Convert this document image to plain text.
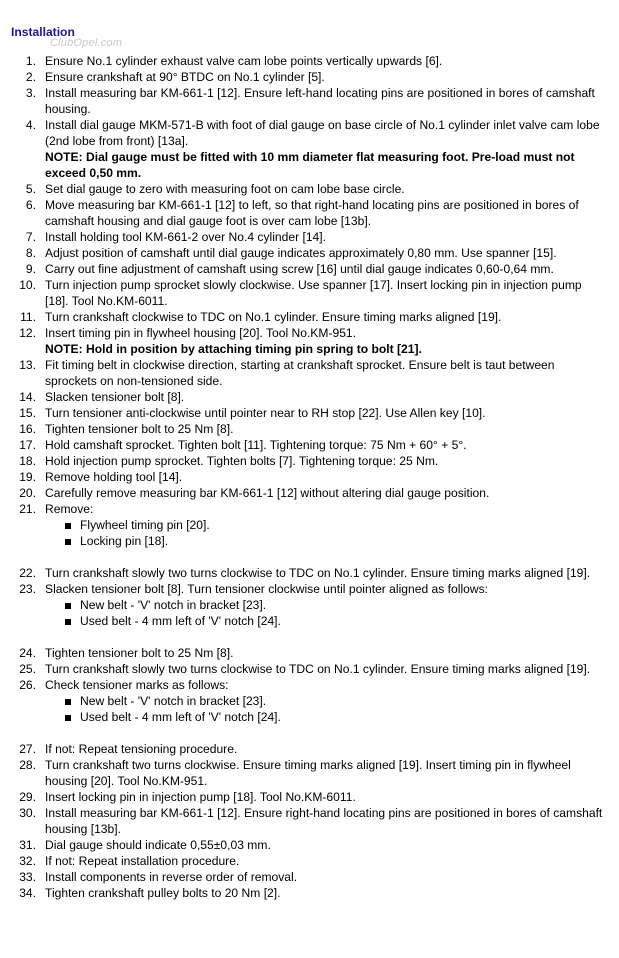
Installation
ClubOpel.com
1. Ensure No.1 cylinder exhaust valve cam lobe points vertically upwards [6].
2. Ensure crankshaft at 90° BTDC on No.1 cylinder [5].
3. Install measuring bar KM-661-1 [12]. Ensure left-hand locating pins are positioned in bores of camshaft housing.
4. Install dial gauge MKM-571-B with foot of dial gauge on base circle of No.1 cylinder inlet valve cam lobe (2nd lobe from front) [13a].
NOTE: Dial gauge must be fitted with 10 mm diameter flat measuring foot. Pre-load must not exceed 0,50 mm.
5. Set dial gauge to zero with measuring foot on cam lobe base circle.
6. Move measuring bar KM-661-1 [12] to left, so that right-hand locating pins are positioned in bores of camshaft housing and dial gauge foot is over cam lobe [13b].
7. Install holding tool KM-661-2 over No.4 cylinder [14].
8. Adjust position of camshaft until dial gauge indicates approximately 0,80 mm. Use spanner [15].
9. Carry out fine adjustment of camshaft using screw [16] until dial gauge indicates 0,60-0,64 mm.
10. Turn injection pump sprocket slowly clockwise. Use spanner [17]. Insert locking pin in injection pump [18]. Tool No.KM-6011.
11. Turn crankshaft clockwise to TDC on No.1 cylinder. Ensure timing marks aligned [19].
12. Insert timing pin in flywheel housing [20]. Tool No.KM-951.
NOTE: Hold in position by attaching timing pin spring to bolt [21].
13. Fit timing belt in clockwise direction, starting at crankshaft sprocket. Ensure belt is taut between sprockets on non-tensioned side.
14. Slacken tensioner bolt [8].
15. Turn tensioner anti-clockwise until pointer near to RH stop [22]. Use Allen key [10].
16. Tighten tensioner bolt to 25 Nm [8].
17. Hold camshaft sprocket. Tighten bolt [11]. Tightening torque: 75 Nm + 60° + 5°.
18. Hold injection pump sprocket. Tighten bolts [7]. Tightening torque: 25 Nm.
19. Remove holding tool [14].
20. Carefully remove measuring bar KM-661-1 [12] without altering dial gauge position.
21. Remove:
Flywheel timing pin [20].
Locking pin [18].
22. Turn crankshaft slowly two turns clockwise to TDC on No.1 cylinder. Ensure timing marks aligned [19].
23. Slacken tensioner bolt [8]. Turn tensioner clockwise until pointer aligned as follows:
New belt - 'V' notch in bracket [23].
Used belt - 4 mm left of 'V' notch [24].
24. Tighten tensioner bolt to 25 Nm [8].
25. Turn crankshaft slowly two turns clockwise to TDC on No.1 cylinder. Ensure timing marks aligned [19].
26. Check tensioner marks as follows:
New belt - 'V' notch in bracket [23].
Used belt - 4 mm left of 'V' notch [24].
27. If not: Repeat tensioning procedure.
28. Turn crankshaft two turns clockwise. Ensure timing marks aligned [19]. Insert timing pin in flywheel housing [20]. Tool No.KM-951.
29. Insert locking pin in injection pump [18]. Tool No.KM-6011.
30. Install measuring bar KM-661-1 [12]. Ensure right-hand locating pins are positioned in bores of camshaft housing [13b].
31. Dial gauge should indicate 0,55±0,03 mm.
32. If not: Repeat installation procedure.
33. Install components in reverse order of removal.
34. Tighten crankshaft pulley bolts to 20 Nm [2].
